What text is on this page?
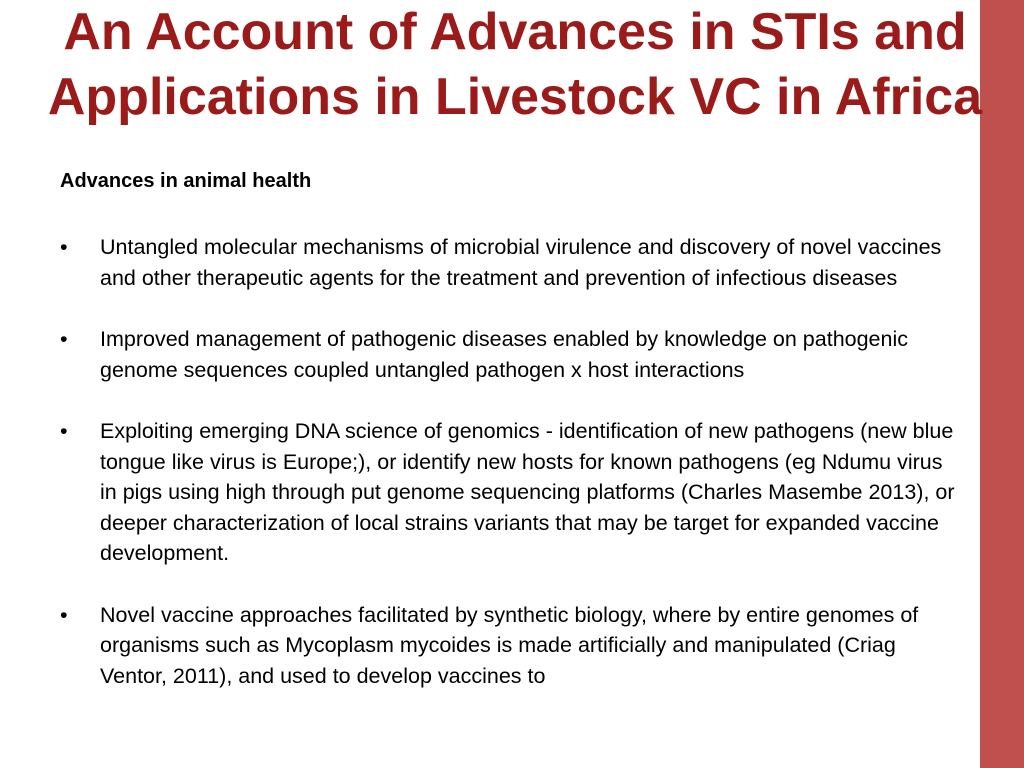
An Account of Advances in STIs and Applications in Livestock VC in Africa
Advances in animal health
• Untangled molecular mechanisms of microbial virulence and discovery of novel vaccines and other therapeutic agents for the treatment and prevention of infectious diseases
• Improved management of pathogenic diseases enabled by knowledge on pathogenic genome sequences coupled untangled pathogen x host interactions
• Exploiting emerging DNA science of genomics - identification of new pathogens (new blue tongue like virus is Europe;), or identify new hosts for known pathogens (eg Ndumu virus in pigs using high through put genome sequencing platforms (Charles Masembe 2013), or deeper characterization of local strains variants that may be target for expanded vaccine development.
• Novel vaccine approaches facilitated by synthetic biology, where by entire genomes of organisms such as Mycoplasm mycoides is made artificially and manipulated (Criag Ventor, 2011), and used to develop vaccines to
